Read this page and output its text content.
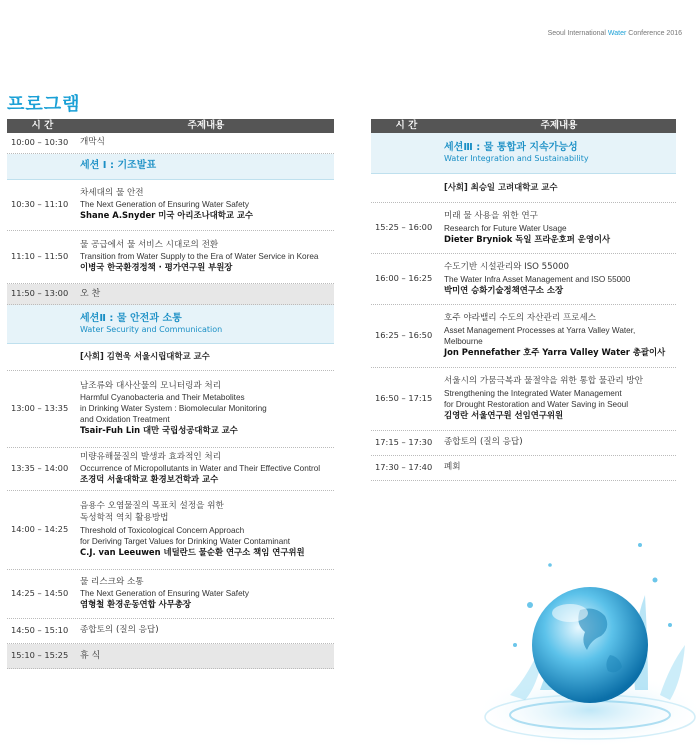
Seoul International Water Conference 2016
프로그램
시 간	주제내용
10:00 – 10:30	개막식
세션 Ⅰ : 기조발표
10:30 – 11:10
차세대의 물 안전
The Next Generation of Ensuring Water Safety
Shane A.Snyder 미국 아리조나대학교 교수
11:10 – 11:50
물 공급에서 물 서비스 시대로의 전환
Transition from Water Supply to the Era of Water Service in Korea
이병국 한국환경정책 · 평가연구원 부원장
11:50 – 13:00	오 찬
세션Ⅱ : 물 안전과 소통
Water Security and Communication
[사회] 김현욱 서울시립대학교 교수
13:00 – 13:35
남조류와 대사산물의 모니터링과 처리
Harmful Cyanobacteria and Their Metabolites
in Drinking Water System : Biomolecular Monitoring
and Oxidation Treatment
Tsair-Fuh Lin 대만 국립성공대학교 교수
13:35 – 14:00
미량유해물질의 발생과 효과적인 처리
Occurrence of Micropollutants in Water and Their Effective Control
조경덕 서울대학교 환경보건학과 교수
14:00 – 14:25
음용수 오염물질의 목표치 설정을 위한
독성학적 역치 활용방법
Threshold of Toxicological Concern Approach
for Deriving Target Values for Drinking Water Contaminant
C.J. van Leeuwen 네덜란드 물순환 연구소 책임 연구위원
14:25 – 14:50
물 리스크와 소통
The Next Generation of Ensuring Water Safety
염형철 환경운동연합 사무총장
14:50 – 15:10	종합토의 (질의 응답)
15:10 – 15:25	휴 식
시 간	주제내용
세션Ⅲ : 물 통합과 지속가능성
Water Integration and Sustainability
[사회] 최승일 고려대학교 교수
15:25 – 16:00
미래 물 사용을 위한 연구
Research for Future Water Usage
Dieter Bryniok 독일 프라운호퍼 운영이사
16:00 – 16:25
수도기반 시설관리와 ISO 55000
The Water Infra Asset Management and ISO 55000
박미연 승화기술정책연구소 소장
16:25 – 16:50
호주 야라밸리 수도의 자산관리 프로세스
Asset Management Processes at Yarra Valley Water,
Melbourne
Jon Pennefather 호주 Yarra Valley Water 총괄이사
16:50 – 17:15
서울시의 가뭄극복과 물절약을 위한 통합 물관리 방안
Strengthening the Integrated Water Management
for Drought Restoration and Water Saving in Seoul
김영란 서울연구원 선임연구위원
17:15 – 17:30	종합토의 (질의 응답)
17:30 – 17:40	폐회
